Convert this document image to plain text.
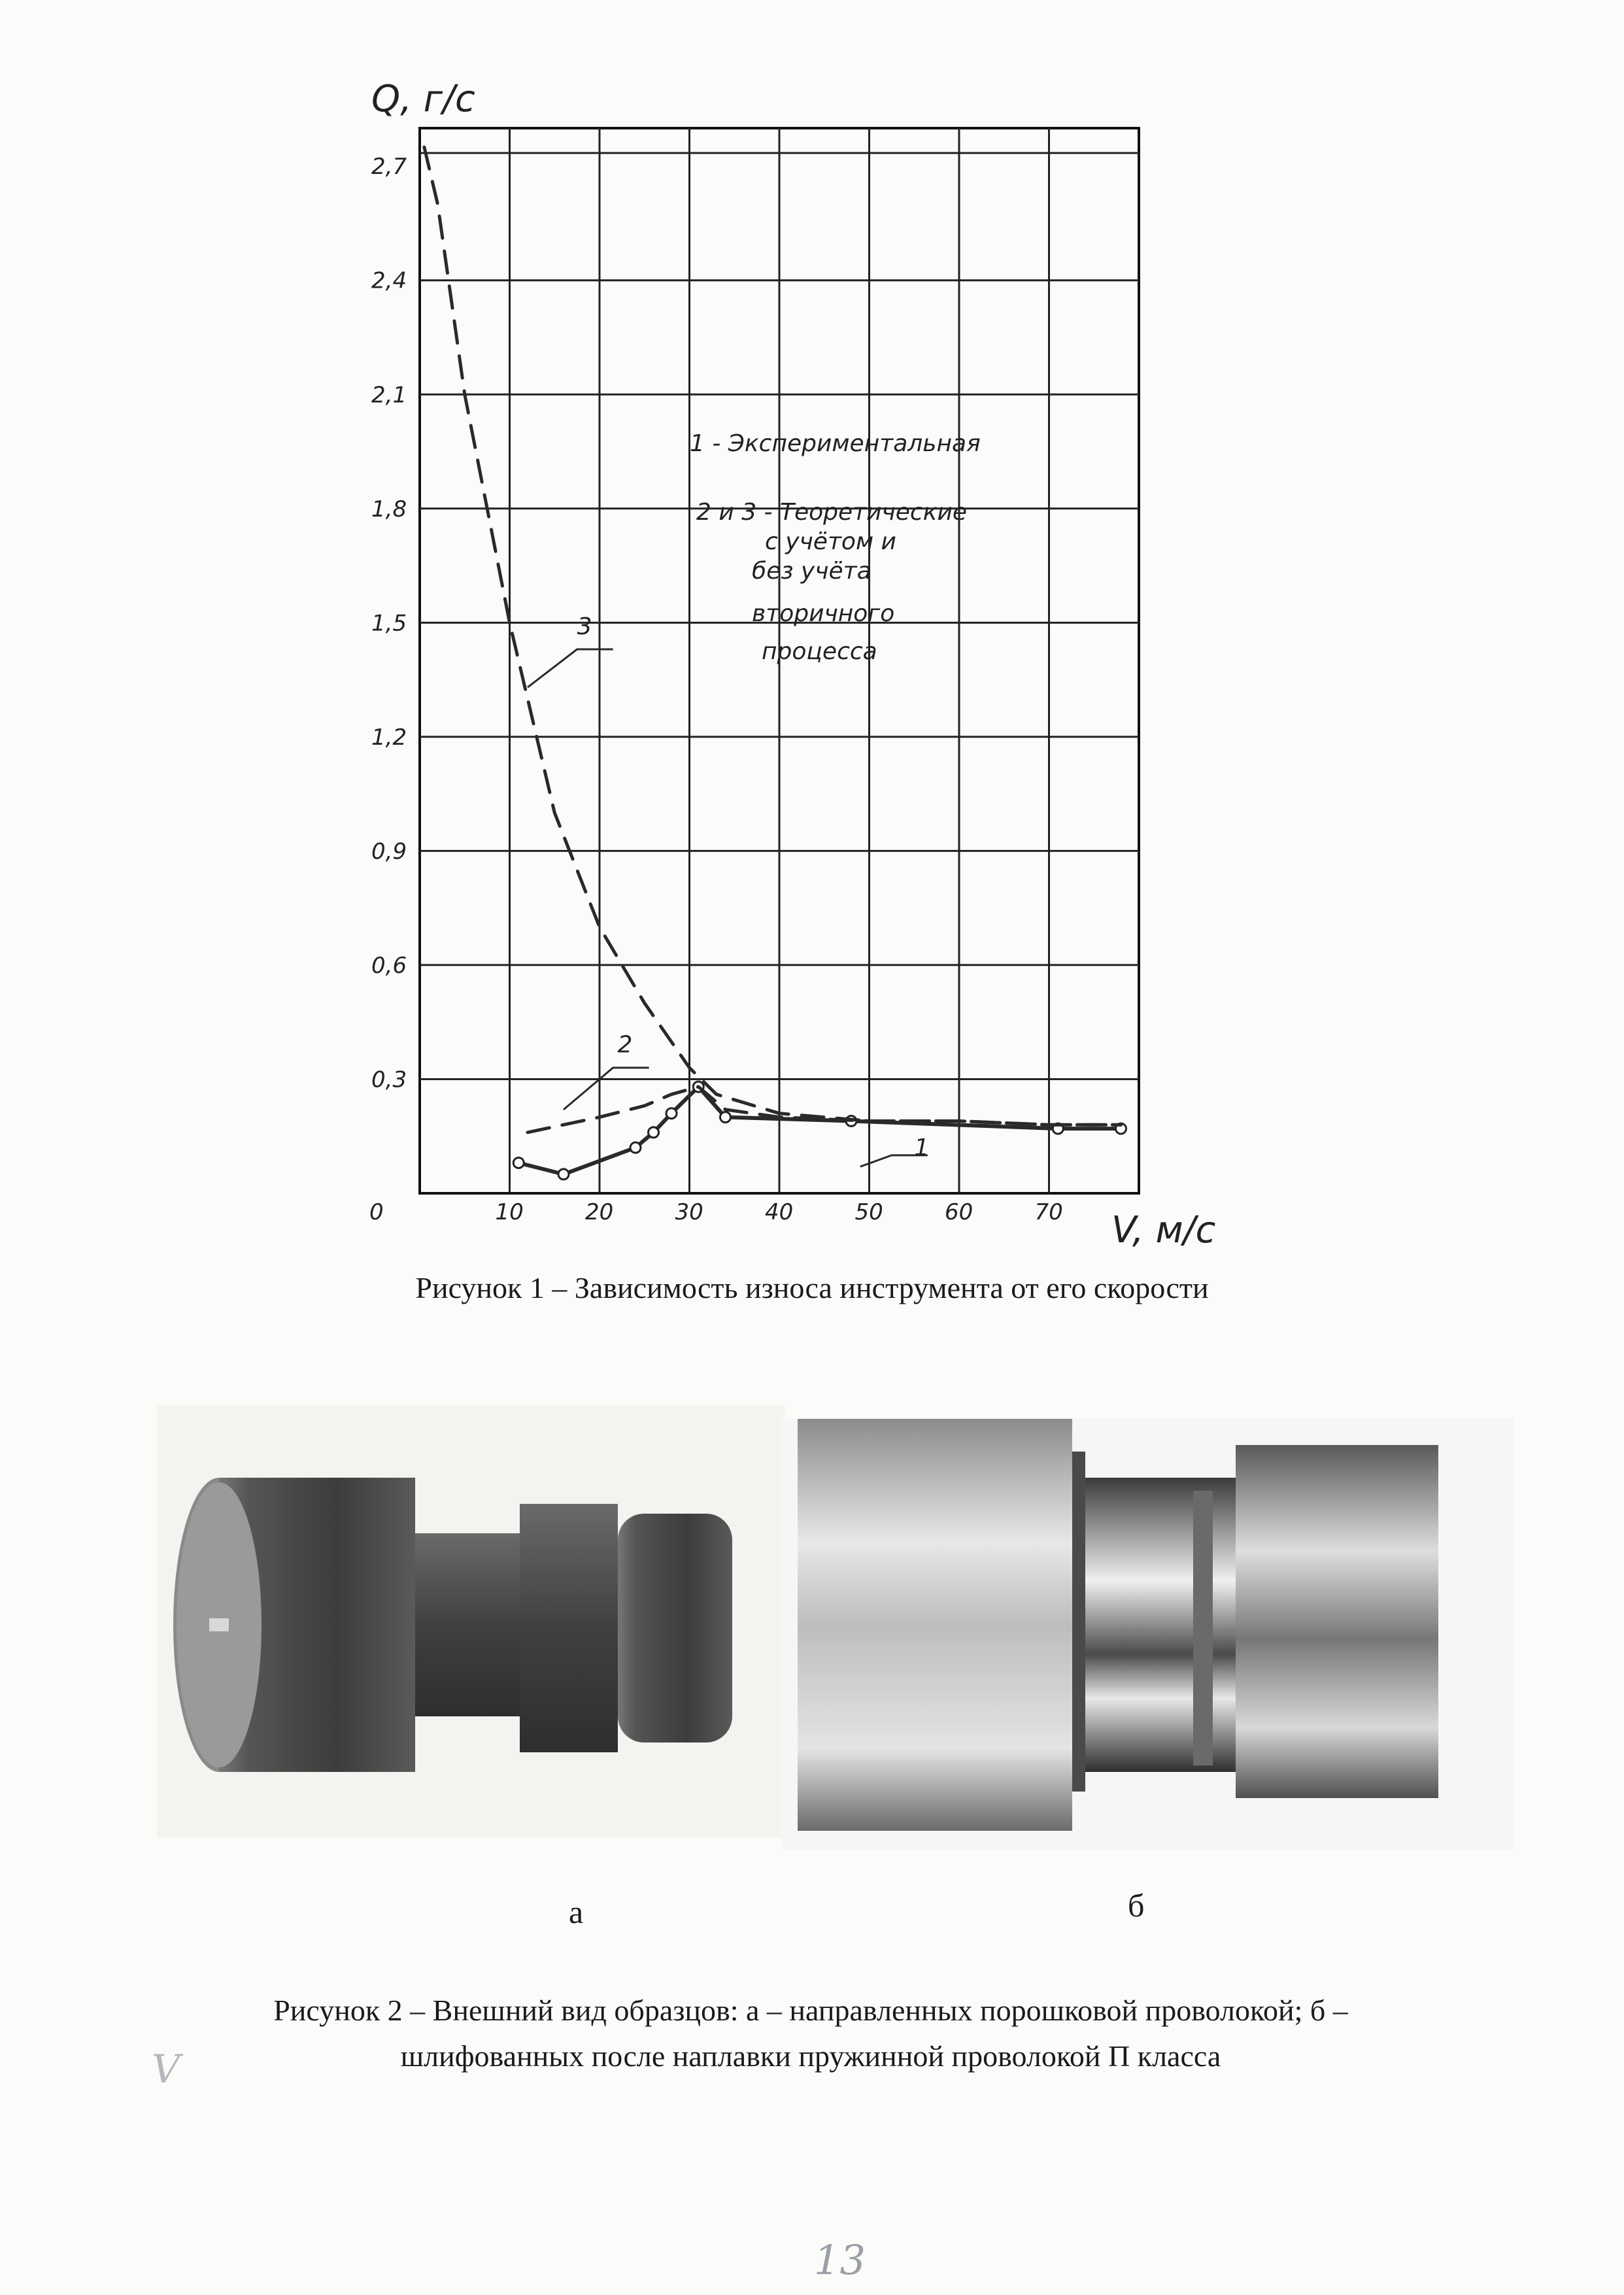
10	20	30	40	50	60	70
0,3
0,6
0,9
1,2
1,5
1,8
2,1
2,4
2,7
1
2
3
Q, г/с
V, м/с
0
1 - Экспериментальная
2 и 3 - Теоретические
с учётом и
без учёта
вторичного
процесса
Рисунок 1 – Зависимость износа инструмента от его скорости
а	б
Рисунок 2 – Внешний вид образцов: а – направленных порошковой проволокой; б – шлифованных после наплавки пружинной проволокой П класса
V
13
